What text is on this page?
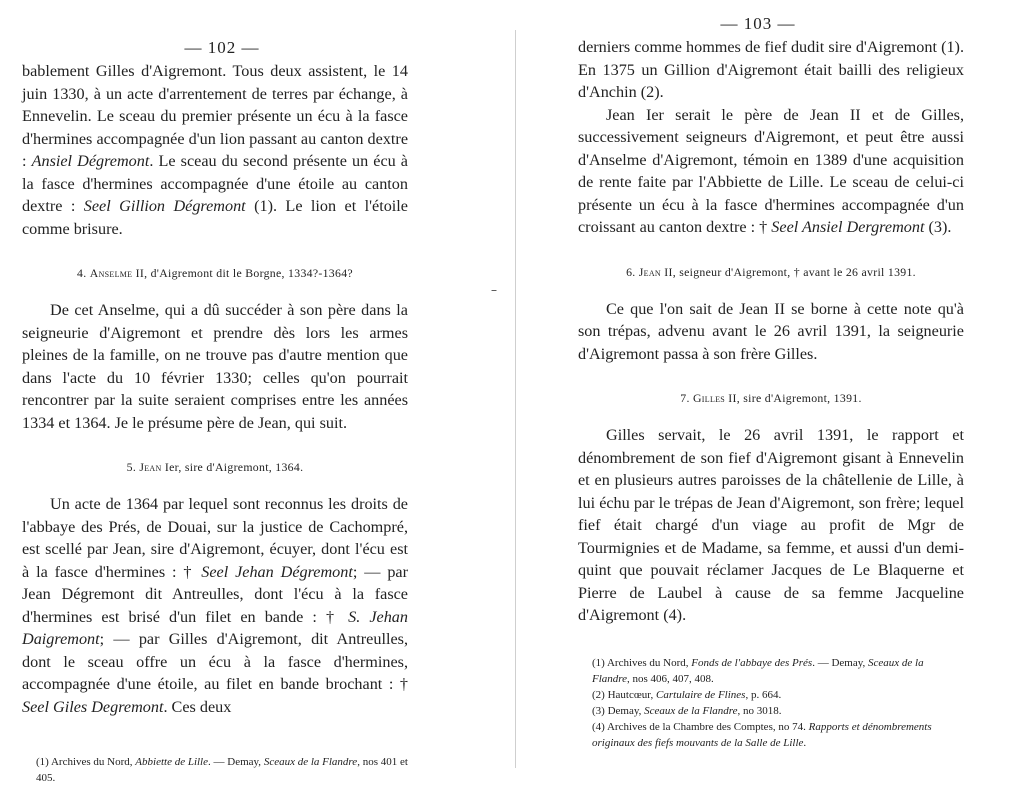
–
— 102 —

bablement Gilles d'Aigremont. Tous deux assistent, le 14 juin 1330, à un acte d'arrentement de terres par échange, à Ennevelin. Le sceau du premier présente un écu à la fasce d'hermines accompagnée d'un lion passant au canton dextre : Ansiel Dégremont. Le sceau du second présente un écu à la fasce d'hermines accompagnée d'une étoile au canton dextre : Seel Gillion Dégremont (1). Le lion et l'étoile comme brisure.

4. Anselme II, d'Aigremont dit le Borgne, 1334?-1364?

De cet Anselme, qui a dû succéder à son père dans la seigneurie d'Aigremont et prendre dès lors les armes pleines de la famille, on ne trouve pas d'autre mention que dans l'acte du 10 février 1330; celles qu'on pourrait rencontrer par la suite seraient comprises entre les années 1334 et 1364. Je le présume père de Jean, qui suit.

5. Jean Ier, sire d'Aigremont, 1364.

Un acte de 1364 par lequel sont reconnus les droits de l'abbaye des Prés, de Douai, sur la justice de Cachompré, est scellé par Jean, sire d'Aigremont, écuyer, dont l'écu est à la fasce d'hermines : † Seel Jehan Dégremont; — par Jean Dégremont dit Antreulles, dont l'écu à la fasce d'hermines est brisé d'un filet en bande : † S. Jehan Daigremont; — par Gilles d'Aigremont, dit Antreulles, dont le sceau offre un écu à la fasce d'hermines, accompagnée d'une étoile, au filet en bande brochant : † Seel Giles Degremont. Ces deux

(1) Archives du Nord, Abbiette de Lille. — Demay, Sceaux de la Flandre, nos 401 et 405.

— 103 —

derniers comme hommes de fief dudit sire d'Aigremont (1). En 1375 un Gillion d'Aigremont était bailli des religieux d'Anchin (2).

Jean Ier serait le père de Jean II et de Gilles, successivement seigneurs d'Aigremont, et peut être aussi d'Anselme d'Aigremont, témoin en 1389 d'une acquisition de rente faite par l'Abbiette de Lille. Le sceau de celui-ci présente un écu à la fasce d'hermines accompagnée d'un croissant au canton dextre : † Seel Ansiel Dergremont (3).

6. Jean II, seigneur d'Aigremont, † avant le 26 avril 1391.

Ce que l'on sait de Jean II se borne à cette note qu'à son trépas, advenu avant le 26 avril 1391, la seigneurie d'Aigremont passa à son frère Gilles.

7. Gilles II, sire d'Aigremont, 1391.

Gilles servait, le 26 avril 1391, le rapport et dénombrement de son fief d'Aigremont gisant à Ennevelin et en plusieurs autres paroisses de la châtellenie de Lille, à lui échu par le trépas de Jean d'Aigremont, son frère; lequel fief était chargé d'un viage au profit de Mgr de Tourmignies et de Madame, sa femme, et aussi d'un demi-quint que pouvait réclamer Jacques de Le Blaquerne et Pierre de Laubel à cause de sa femme Jacqueline d'Aigremont (4).

(1) Archives du Nord, Fonds de l'abbaye des Prés. — Demay, Sceaux de la Flandre, nos 406, 407, 408.

(2) Hautcœur, Cartulaire de Flines, p. 664.

(3) Demay, Sceaux de la Flandre, no 3018.

(4) Archives de la Chambre des Comptes, no 74. Rapports et dénombrements originaux des fiefs mouvants de la Salle de Lille.
